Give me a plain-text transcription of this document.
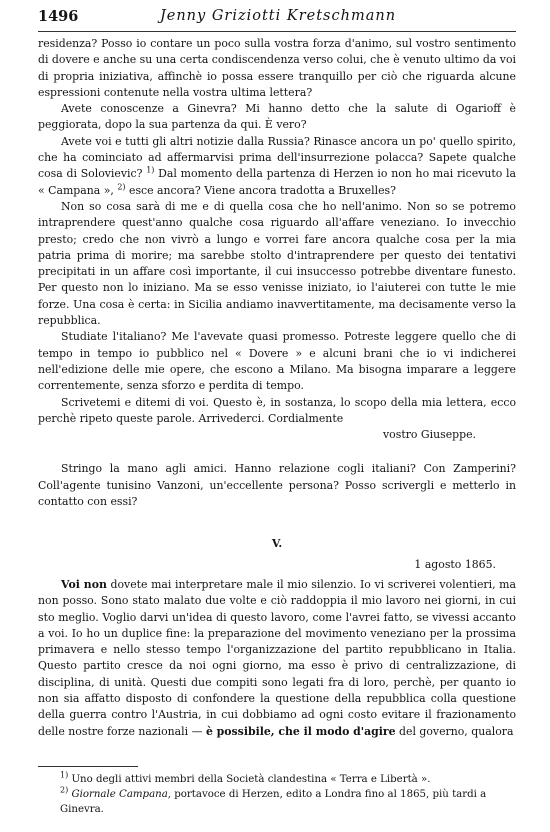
1496	Jenny Griziotti Kretschmann

residenza? Posso io contare un poco sulla vostra forza d'animo, sul vostro sentimento di dovere e anche su una certa condiscendenza verso colui, che è venuto ultimo da voi di propria iniziativa, affinchè io possa essere tranquillo per ciò che riguarda alcune espressioni contenute nella vostra ultima lettera?

Avete conoscenze a Ginevra? Mi hanno detto che la salute di Ogarioff è peggiorata, dopo la sua partenza da qui. È vero?

Avete voi e tutti gli altri notizie dalla Russia? Rinasce ancora un po' quello spirito, che ha cominciato ad affermarvisi prima dell'insurrezione polacca? Sapete qualche cosa di Solovievic? $^{1)}$ Dal momento della partenza di Herzen io non ho mai ricevuto la « Campana », $^{2)}$ esce ancora? Viene ancora tradotta a Bruxelles?

Non so cosa sarà di me e di quella cosa che ho nell'animo. Non so se potremo intraprendere quest'anno qualche cosa riguardo all'affare veneziano. Io invecchio presto; credo che non vivrò a lungo e vorrei fare ancora qualche cosa per la mia patria prima di morire; ma sarebbe stolto d'intraprendere per questo dei tentativi precipitati in un affare così importante, il cui insuccesso potrebbe diventare funesto. Per questo non lo iniziano. Ma se esso venisse iniziato, io l'aiuterei con tutte le mie forze. Una cosa è certa: in Sicilia andiamo inavvertitamente, ma decisamente verso la repubblica.

Studiate l'italiano? Me l'avevate quasi promesso. Potreste leggere quello che di tempo in tempo io pubblico nel « Dovere » e alcuni brani che io vi indicherei nell'edizione delle mie opere, che escono a Milano. Ma bisogna imparare a leggere correntemente, senza sforzo e perdita di tempo.

Scrivetemi e ditemi di voi. Questo è, in sostanza, lo scopo della mia lettera, ecco perchè ripeto queste parole. Arrivederci. Cordialmente

vostro Giuseppe.

Stringo la mano agli amici. Hanno relazione cogli italiani? Con Zamperini? Coll'agente tunisino Vanzoni, un'eccellente persona? Posso scrivergli e metterlo in contatto con essi?

V.

1 agosto 1865.

Voi non dovete mai interpretare male il mio silenzio. Io vi scriverei volentieri, ma non posso. Sono stato malato due volte e ciò raddoppia il mio lavoro nei giorni, in cui sto meglio. Voglio darvi un'idea di questo lavoro, come l'avrei fatto, se vivessi accanto a voi. Io ho un duplice fine: la preparazione del movimento veneziano per la prossima primavera e nello stesso tempo l'organizzazione del partito repubblicano in Italia. Questo partito cresce da noi ogni giorno, ma esso è privo di centralizzazione, di disciplina, di unità. Questi due compiti sono legati fra di loro, perchè, per quanto io non sia affatto disposto di confondere la questione della repubblica colla questione della guerra contro l'Austria, in cui dobbiamo ad ogni costo evitare il frazionamento delle nostre forze nazionali — è possibile, che il modo d'agire del governo, qualora

$^{1)}$ Uno degli attivi membri della Società clandestina « Terra e Libertà ».

$^{2)}$ Giornale Campana, portavoce di Herzen, edito a Londra fino al 1865, più tardi a Ginevra.
